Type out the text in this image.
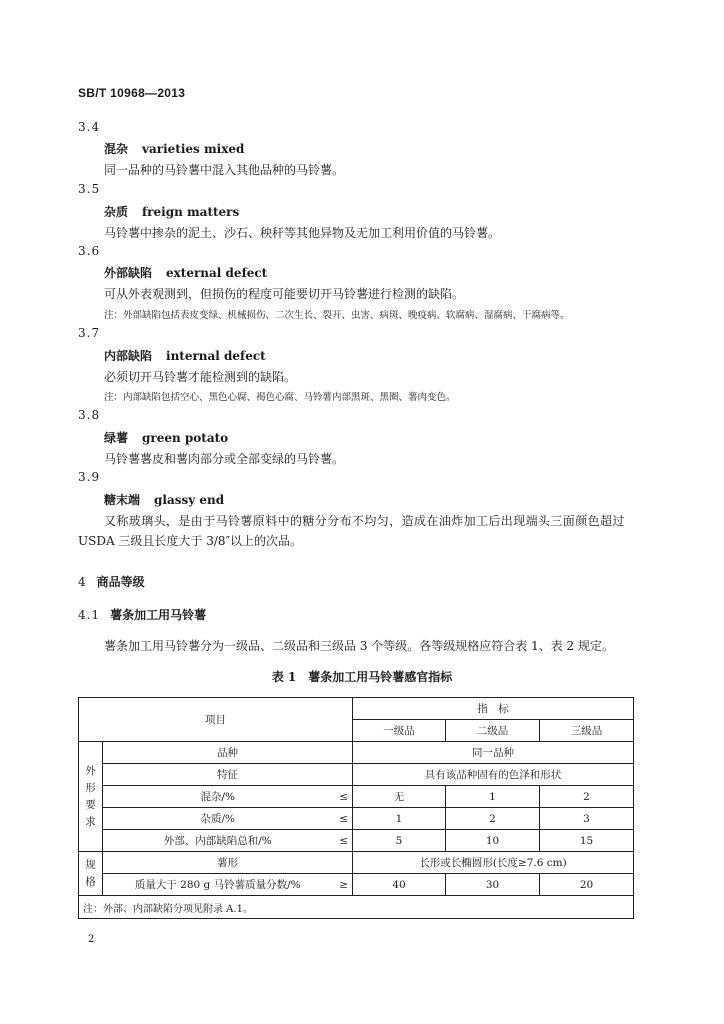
SB/T 10968—2013
3.4
混杂 varieties mixed
同一品种的马铃薯中混入其他品种的马铃薯。
3.5
杂质 freign matters
马铃薯中掺杂的泥土、沙石、秧秆等其他异物及无加工利用价值的马铃薯。
3.6
外部缺陷 external defect
可从外表观测到，但损伤的程度可能要切开马铃薯进行检测的缺陷。
注：外部缺陷包括表皮变绿、机械损伤、二次生长、裂开、虫害、病斑、晚疫病、软腐病、湿腐病、干腐病等。
3.7
内部缺陷 internal defect
必须切开马铃薯才能检测到的缺陷。
注：内部缺陷包括空心、黑色心腐、褐色心腐、马铃薯内部黑斑、黑圈、薯肉变色。
3.8
绿薯 green potato
马铃薯薯皮和薯肉部分或全部变绿的马铃薯。
3.9
糖末端 glassy end
又称玻璃头，是由于马铃薯原料中的糖分分布不均匀，造成在油炸加工后出现端头三面颜色超过
USDA 三级且长度大于 3/8″以上的次品。
4 商品等级
4.1 薯条加工用马铃薯
薯条加工用马铃薯分为一级品、二级品和三级品 3 个等级。各等级规格应符合表 1、表 2 规定。
表 1　薯条加工用马铃薯感官指标
项目			指　标		
			一级品	二级品	三级品
外形要求	品种		同一品种		
	特征		具有该品种固有的色泽和形状		
	混杂/%	≤	无	1	2
	杂质/%	≤	1	2	3
	外部、内部缺陷总和/%	≤	5	10	15
规格	薯形		长形或长椭圆形(长度≥7.6 cm)		
	质量大于 280 g 马铃薯质量分数/%	≥	40	30	20
注：外部、内部缺陷分项见附录 A.1。					
2
